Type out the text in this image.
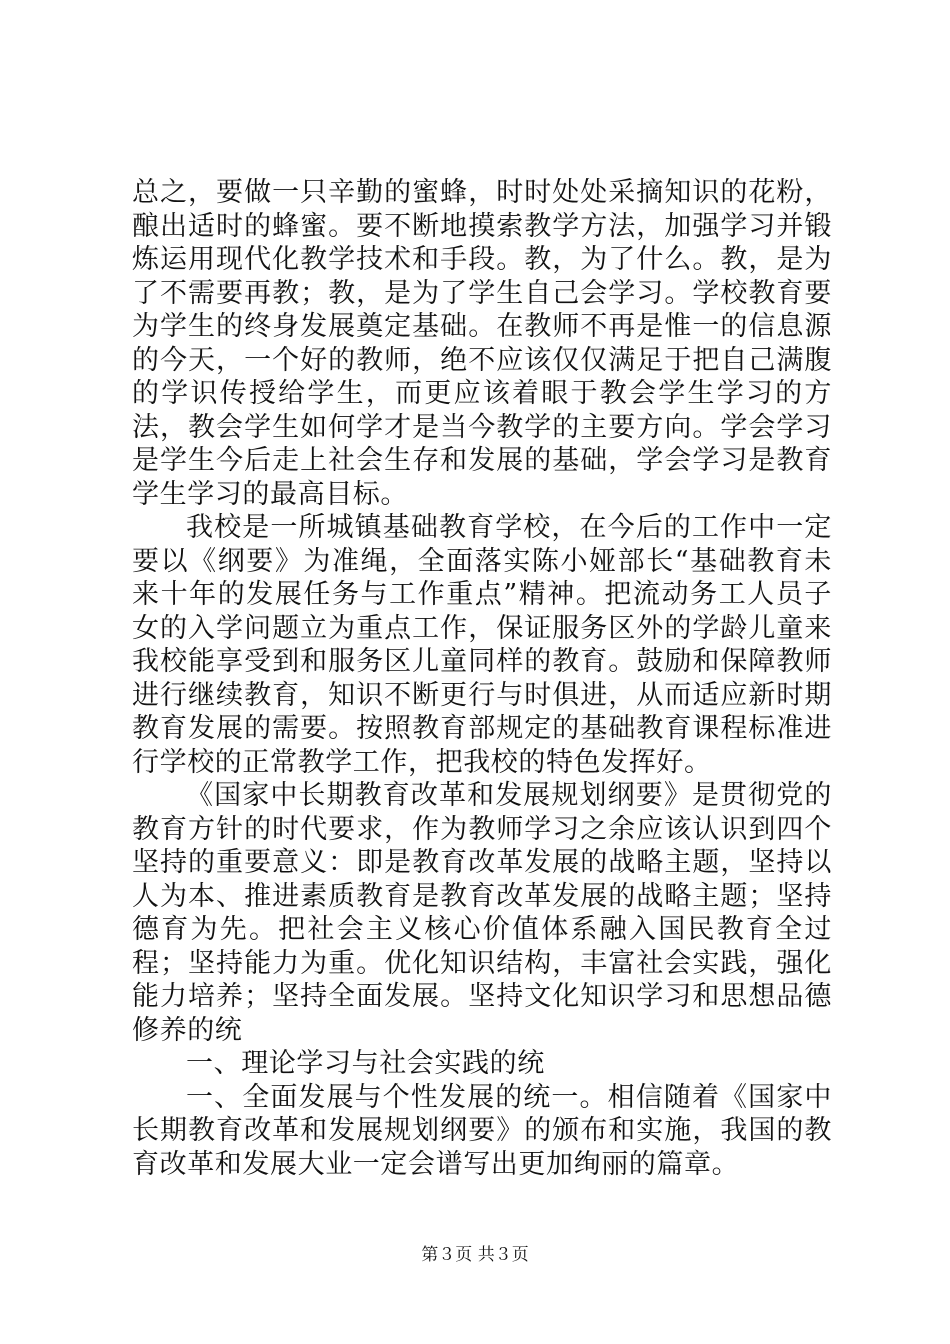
总之，要做一只辛勤的蜜蜂，时时处处采摘知识的花粉，酿出适时的蜂蜜。要不断地摸索教学方法，加强学习并锻炼运用现代化教学技术和手段。教，为了什么。教，是为了不需要再教；教，是为了学生自己会学习。学校教育要为学生的终身发展奠定基础。在教师不再是惟一的信息源的今天，一个好的教师，绝不应该仅仅满足于把自己满腹的学识传授给学生，而更应该着眼于教会学生学习的方法，教会学生如何学才是当今教学的主要方向。学会学习是学生今后走上社会生存和发展的基础，学会学习是教育学生学习的最高目标。

我校是一所城镇基础教育学校，在今后的工作中一定要以《纲要》为准绳，全面落实陈小娅部长“基础教育未来十年的发展任务与工作重点”精神。把流动务工人员子女的入学问题立为重点工作，保证服务区外的学龄儿童来我校能享受到和服务区儿童同样的教育。鼓励和保障教师进行继续教育，知识不断更行与时俱进，从而适应新时期教育发展的需要。按照教育部规定的基础教育课程标准进行学校的正常教学工作，把我校的特色发挥好。

《国家中长期教育改革和发展规划纲要》是贯彻党的教育方针的时代要求，作为教师学习之余应该认识到四个坚持的重要意义：即是教育改革发展的战略主题，坚持以人为本、推进素质教育是教育改革发展的战略主题；坚持德育为先。把社会主义核心价值体系融入国民教育全过程；坚持能力为重。优化知识结构，丰富社会实践，强化能力培养；坚持全面发展。坚持文化知识学习和思想品德修养的统

一、理论学习与社会实践的统

一、全面发展与个性发展的统一。相信随着《国家中长期教育改革和发展规划纲要》的颁布和实施，我国的教育改革和发展大业一定会谱写出更加绚丽的篇章。

第３页 共３页
